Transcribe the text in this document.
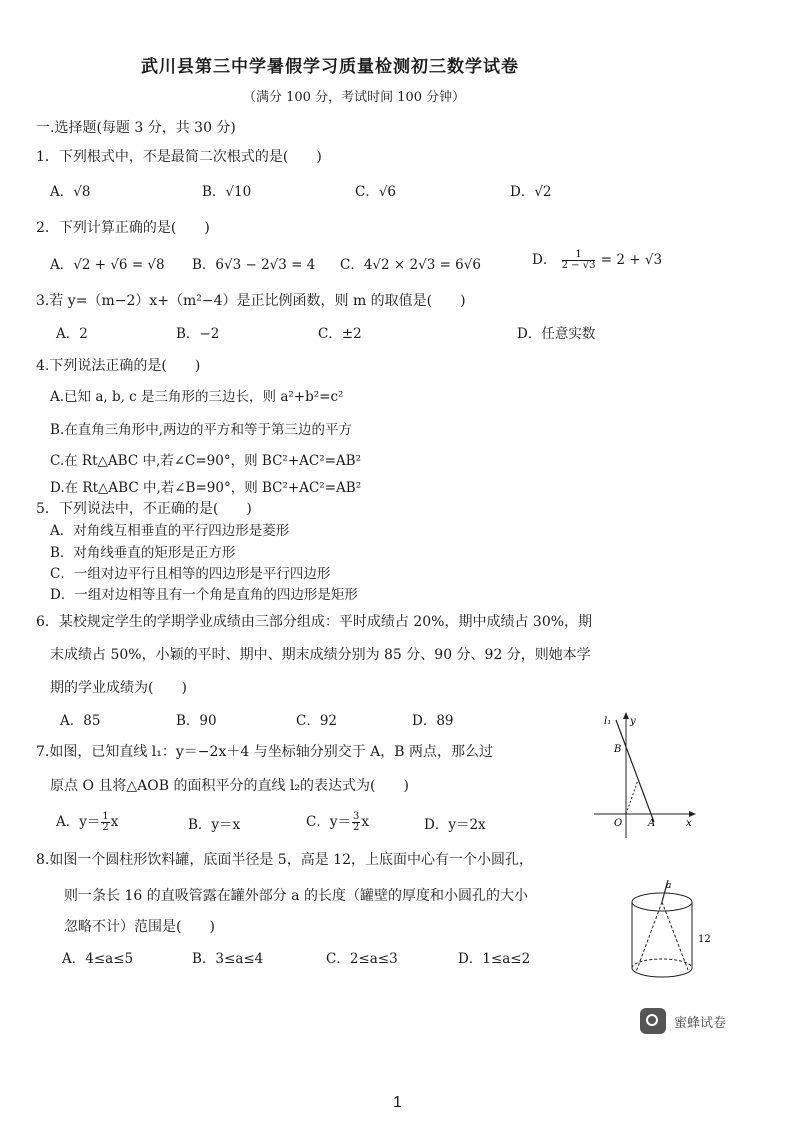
武川县第三中学暑假学习质量检测初三数学试卷
（满分 100 分，考试时间 100 分钟）
一.选择题(每题 3 分，共 30 分)
1．下列根式中，不是最简二次根式的是(　　)
A．√8	B．√10	C．√6	D．√2
2．下列计算正确的是(　　)
A．√2 + √6 = √8 B．6√3 − 2√3 = 4 C．4√2 × 2√3 = 6√6	D． $\frac{1}{2 - √3} = 2 + √3$
3.若 y=（m−2）x+（m²−4）是正比例函数，则 m 的取值是(　　)
A．2	B．−2	C．±2	D．任意实数
4.下列说法正确的是(　　)
A.已知 a, b, c 是三角形的三边长，则 a²+b²=c²
B.在直角三角形中,两边的平方和等于第三边的平方
C.在 Rt△ABC 中,若∠C=90°，则 BC²+AC²=AB²
D.在 Rt△ABC 中,若∠B=90°，则 BC²+AC²=AB²
5．下列说法中，不正确的是(　　)
A．对角线互相垂直的平行四边形是菱形
B．对角线垂直的矩形是正方形
C．一组对边平行且相等的四边形是平行四边形
D．一组对边相等且有一个角是直角的四边形是矩形
6．某校规定学生的学期学业成绩由三部分组成：平时成绩占 20%，期中成绩占 30%，期
末成绩占 50%，小颖的平时、期中、期末成绩分别为 85 分、90 分、92 分，则她本学
期的学业成绩为(　　)
A．85	B．90	C．92	D．89
7.如图，已知直线 l₁：y＝−2x＋4 与坐标轴分别交于 A，B 两点，那么过
原点 O 且将△AOB 的面积平分的直线 l₂的表达式为(　　)
A．$y= \frac{1}{2}$ x	B．y＝x	C．$y= \frac{3}{2}$ x	D．y＝2x
l₁ y
B
O	A	x
8.如图一个圆柱形饮料罐，底面半径是 5，高是 12，上底面中心有一个小圆孔，
则一条长 16 的直吸管露在罐外部分 a 的长度（罐壁的厚度和小圆孔的大小
忽略不计）范围是(　　)
A．4≤a≤5	B．3≤a≤4	C．2≤a≤3	D．1≤a≤2
a
12
蜜蜂试卷
1
